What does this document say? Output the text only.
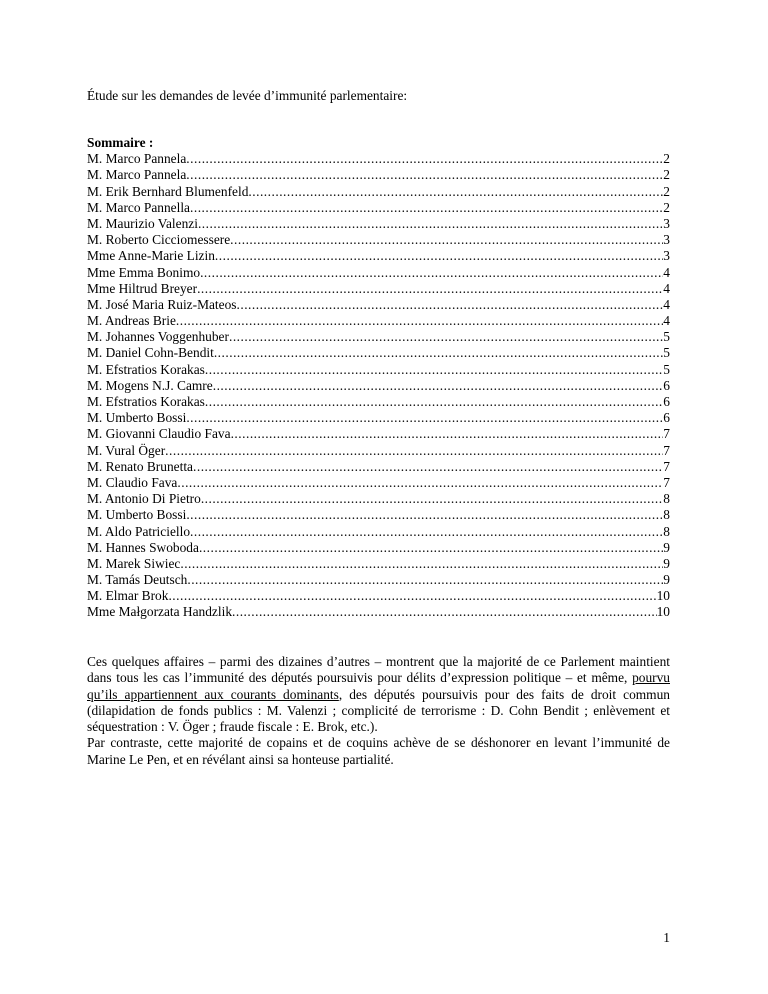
Étude sur les demandes de levée d’immunité parlementaire:
Sommaire :
M. Marco Pannela .....	2
M. Marco Pannela .....	2
M. Erik Bernhard Blumenfeld .....	2
M. Marco Pannella .....	2
M. Maurizio Valenzi .....	3
M. Roberto Cicciomessere .....	3
Mme Anne-Marie Lizin .....	3
Mme Emma Bonimo .....	4
Mme Hiltrud Breyer .....	4
M. José Maria Ruiz-Mateos .....	4
M. Andreas Brie .....	4
M. Johannes Voggenhuber .....	5
M. Daniel Cohn-Bendit .....	5
M. Efstratios Korakas .....	5
M. Mogens N.J. Camre .....	6
M. Efstratios Korakas .....	6
M. Umberto Bossi .....	6
M. Giovanni Claudio Fava .....	7
M. Vural Öger .....	7
M. Renato Brunetta .....	7
M. Claudio Fava .....	7
M. Antonio Di Pietro .....	8
M. Umberto Bossi .....	8
M. Aldo Patriciello .....	8
M. Hannes Swoboda .....	9
M. Marek Siwiec .....	9
M. Tamás Deutsch .....	9
M. Elmar Brok .....	10
Mme Małgorzata Handzlik .....	10

Ces quelques affaires – parmi des dizaines d’autres – montrent que la majorité de ce Parlement maintient dans tous les cas l’immunité des députés poursuivis pour délits d’expression politique – et même, pourvu qu’ils appartiennent aux courants dominants, des députés poursuivis pour des faits de droit commun (dilapidation de fonds publics : M. Valenzi ; complicité de terrorisme : D. Cohn Bendit ; enlèvement et séquestration : V. Öger ; fraude fiscale : E. Brok, etc.).

Par contraste, cette majorité de copains et de coquins achève de se déshonorer en levant l’immunité de Marine Le Pen, et en révélant ainsi sa honteuse partialité.

1
